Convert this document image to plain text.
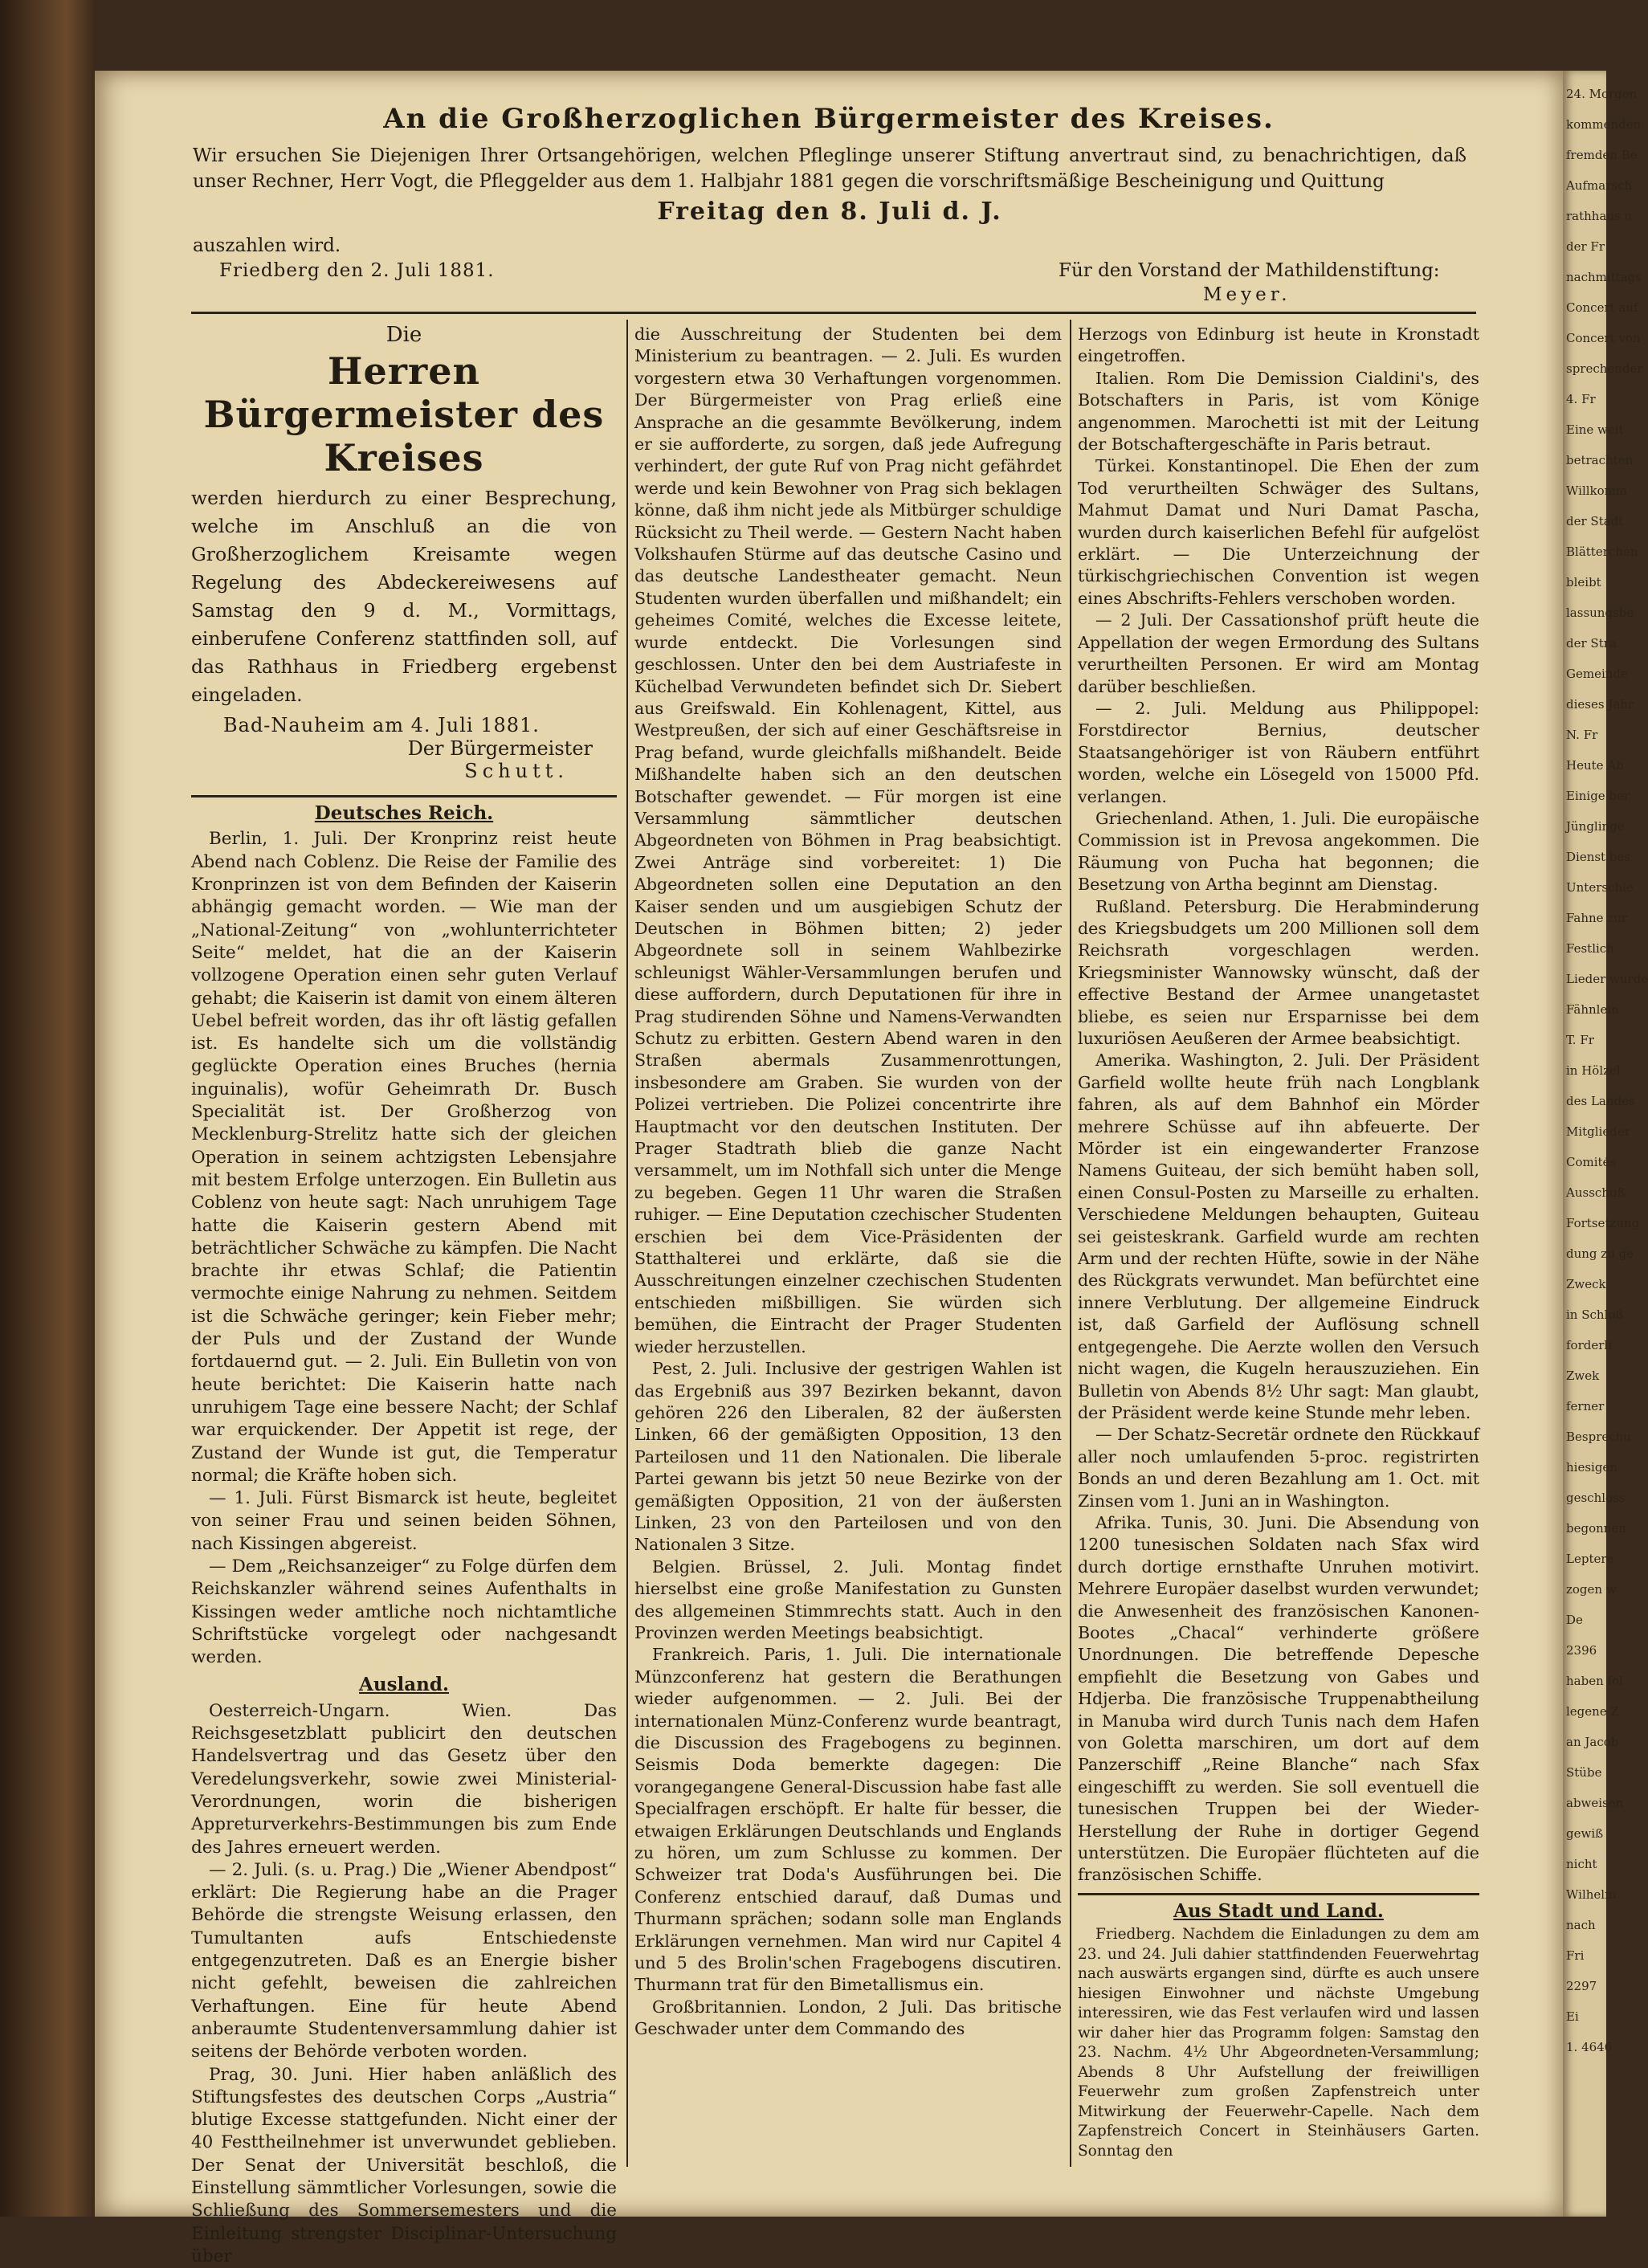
An die Großherzoglichen Bürgermeister des Kreises.
Wir ersuchen Sie Diejenigen Ihrer Ortsangehörigen, welchen Pfleglinge unserer Stiftung anvertraut sind, zu benachrichtigen, daß unser Rechner, Herr Vogt, die Pfleggelder aus dem 1. Halbjahr 1881 gegen die vorschriftsmäßige Bescheinigung und Quittung
Freitag den 8. Juli d. J.
auszahlen wird.
Friedberg den 2. Juli 1881.	Für den Vorstand der Mathildenstiftung:
Meyer.
Die
Herren Bürgermeister des Kreises
werden hierdurch zu einer Besprechung, welche im Anschluß an die von Großherzoglichem Kreisamte wegen Regelung des Abdeckereiwesens auf Samstag den 9 d. M., Vormittags, einberufene Conferenz stattfinden soll, auf das Rathhaus in Friedberg ergebenst eingeladen.
Bad-Nauheim am 4. Juli 1881.
Der Bürgermeister
Schutt.
Deutsches Reich.

Berlin, 1. Juli. Der Kronprinz reist heute Abend nach Coblenz. Die Reise der Familie des Kronprinzen ist von dem Befinden der Kaiserin abhängig gemacht worden. — Wie man der „National-Zeitung“ von „wohlunterrichteter Seite“ meldet, hat die an der Kaiserin vollzogene Operation einen sehr guten Verlauf gehabt; die Kaiserin ist damit von einem älteren Uebel befreit worden, das ihr oft lästig gefallen ist. Es handelte sich um die vollständig geglückte Operation eines Bruches (hernia inguinalis), wofür Geheimrath Dr. Busch Specialität ist. Der Großherzog von Mecklenburg-Strelitz hatte sich der gleichen Operation in seinem achtzigsten Lebensjahre mit bestem Erfolge unterzogen. Ein Bulletin aus Coblenz von heute sagt: Nach unruhigem Tage hatte die Kaiserin gestern Abend mit beträchtlicher Schwäche zu kämpfen. Die Nacht brachte ihr etwas Schlaf; die Patientin vermochte einige Nahrung zu nehmen. Seitdem ist die Schwäche geringer; kein Fieber mehr; der Puls und der Zustand der Wunde fortdauernd gut. — 2. Juli. Ein Bulletin von von heute berichtet: Die Kaiserin hatte nach unruhigem Tage eine bessere Nacht; der Schlaf war erquickender. Der Appetit ist rege, der Zustand der Wunde ist gut, die Temperatur normal; die Kräfte hoben sich.

— 1. Juli. Fürst Bismarck ist heute, begleitet von seiner Frau und seinen beiden Söhnen, nach Kissingen abgereist.

— Dem „Reichsanzeiger“ zu Folge dürfen dem Reichskanzler während seines Aufenthalts in Kissingen weder amtliche noch nichtamtliche Schriftstücke vorgelegt oder nachgesandt werden.

Ausland.

Oesterreich-Ungarn. Wien. Das Reichsgesetzblatt publicirt den deutschen Handelsvertrag und das Gesetz über den Veredelungsverkehr, sowie zwei Ministerial-Verordnungen, worin die bisherigen Appreturverkehrs-Bestimmungen bis zum Ende des Jahres erneuert werden.

— 2. Juli. (s. u. Prag.) Die „Wiener Abendpost“ erklärt: Die Regierung habe an die Prager Behörde die strengste Weisung erlassen, den Tumultanten aufs Entschiedenste entgegenzutreten. Daß es an Energie bisher nicht gefehlt, beweisen die zahlreichen Verhaftungen. Eine für heute Abend anberaumte Studentenversammlung dahier ist seitens der Behörde verboten worden.

Prag, 30. Juni. Hier haben anläßlich des Stiftungsfestes des deutschen Corps „Austria“ blutige Excesse stattgefunden. Nicht einer der 40 Festtheilnehmer ist unverwundet geblieben. Der Senat der Universität beschloß, die Einstellung sämmtlicher Vorlesungen, sowie die Schließung des Sommersemesters und die Einleitung strengster Disciplinar-Untersuchung über

die Ausschreitung der Studenten bei dem Ministerium zu beantragen. — 2. Juli. Es wurden vorgestern etwa 30 Verhaftungen vorgenommen. Der Bürgermeister von Prag erließ eine Ansprache an die gesammte Bevölkerung, indem er sie aufforderte, zu sorgen, daß jede Aufregung verhindert, der gute Ruf von Prag nicht gefährdet werde und kein Bewohner von Prag sich beklagen könne, daß ihm nicht jede als Mitbürger schuldige Rücksicht zu Theil werde. — Gestern Nacht haben Volkshaufen Stürme auf das deutsche Casino und das deutsche Landestheater gemacht. Neun Studenten wurden überfallen und mißhandelt; ein geheimes Comité, welches die Excesse leitete, wurde entdeckt. Die Vorlesungen sind geschlossen. Unter den bei dem Austriafeste in Küchelbad Verwundeten befindet sich Dr. Siebert aus Greifswald. Ein Kohlenagent, Kittel, aus Westpreußen, der sich auf einer Geschäftsreise in Prag befand, wurde gleichfalls mißhandelt. Beide Mißhandelte haben sich an den deutschen Botschafter gewendet. — Für morgen ist eine Versammlung sämmtlicher deutschen Abgeordneten von Böhmen in Prag beabsichtigt. Zwei Anträge sind vorbereitet: 1) Die Abgeordneten sollen eine Deputation an den Kaiser senden und um ausgiebigen Schutz der Deutschen in Böhmen bitten; 2) jeder Abgeordnete soll in seinem Wahlbezirke schleunigst Wähler-Versammlungen berufen und diese auffordern, durch Deputationen für ihre in Prag studirenden Söhne und Namens-Verwandten Schutz zu erbitten. Gestern Abend waren in den Straßen abermals Zusammenrottungen, insbesondere am Graben. Sie wurden von der Polizei vertrieben. Die Polizei concentrirte ihre Hauptmacht vor den deutschen Instituten. Der Prager Stadtrath blieb die ganze Nacht versammelt, um im Nothfall sich unter die Menge zu begeben. Gegen 11 Uhr waren die Straßen ruhiger. — Eine Deputation czechischer Studenten erschien bei dem Vice-Präsidenten der Statthalterei und erklärte, daß sie die Ausschreitungen einzelner czechischen Studenten entschieden mißbilligen. Sie würden sich bemühen, die Eintracht der Prager Studenten wieder herzustellen.

Pest, 2. Juli. Inclusive der gestrigen Wahlen ist das Ergebniß aus 397 Bezirken bekannt, davon gehören 226 den Liberalen, 82 der äußersten Linken, 66 der gemäßigten Opposition, 13 den Parteilosen und 11 den Nationalen. Die liberale Partei gewann bis jetzt 50 neue Bezirke von der gemäßigten Opposition, 21 von der äußersten Linken, 23 von den Parteilosen und von den Nationalen 3 Sitze.

Belgien. Brüssel, 2. Juli. Montag findet hierselbst eine große Manifestation zu Gunsten des allgemeinen Stimmrechts statt. Auch in den Provinzen werden Meetings beabsichtigt.

Frankreich. Paris, 1. Juli. Die internationale Münzconferenz hat gestern die Berathungen wieder aufgenommen. — 2. Juli. Bei der internationalen Münz-Conferenz wurde beantragt, die Discussion des Fragebogens zu beginnen. Seismis Doda bemerkte dagegen: Die vorangegangene General-Discussion habe fast alle Specialfragen erschöpft. Er halte für besser, die etwaigen Erklärungen Deutschlands und Englands zu hören, um zum Schlusse zu kommen. Der Schweizer trat Doda's Ausführungen bei. Die Conferenz entschied darauf, daß Dumas und Thurmann sprächen; sodann solle man Englands Erklärungen vernehmen. Man wird nur Capitel 4 und 5 des Brolin'schen Fragebogens discutiren. Thurmann trat für den Bimetallismus ein.

Großbritannien. London, 2 Juli. Das britische Geschwader unter dem Commando des

Herzogs von Edinburg ist heute in Kronstadt eingetroffen.

Italien. Rom Die Demission Cialdini's, des Botschafters in Paris, ist vom Könige angenommen. Marochetti ist mit der Leitung der Botschaftergeschäfte in Paris betraut.

Türkei. Konstantinopel. Die Ehen der zum Tod verurtheilten Schwäger des Sultans, Mahmut Damat und Nuri Damat Pascha, wurden durch kaiserlichen Befehl für aufgelöst erklärt. — Die Unterzeichnung der türkischgriechischen Convention ist wegen eines Abschrifts-Fehlers verschoben worden.

— 2 Juli. Der Cassationshof prüft heute die Appellation der wegen Ermordung des Sultans verurtheilten Personen. Er wird am Montag darüber beschließen.

— 2. Juli. Meldung aus Philippopel: Forstdirector Bernius, deutscher Staatsangehöriger ist von Räubern entführt worden, welche ein Lösegeld von 15000 Pfd. verlangen.

Griechenland. Athen, 1. Juli. Die europäische Commission ist in Prevosa angekommen. Die Räumung von Pucha hat begonnen; die Besetzung von Artha beginnt am Dienstag.

Rußland. Petersburg. Die Herabminderung des Kriegsbudgets um 200 Millionen soll dem Reichsrath vorgeschlagen werden. Kriegsminister Wannowsky wünscht, daß der effective Bestand der Armee unangetastet bliebe, es seien nur Ersparnisse bei dem luxuriösen Aeußeren der Armee beabsichtigt.

Amerika. Washington, 2. Juli. Der Präsident Garfield wollte heute früh nach Longblank fahren, als auf dem Bahnhof ein Mörder mehrere Schüsse auf ihn abfeuerte. Der Mörder ist ein eingewanderter Franzose Namens Guiteau, der sich bemüht haben soll, einen Consul-Posten zu Marseille zu erhalten. Verschiedene Meldungen behaupten, Guiteau sei geisteskrank. Garfield wurde am rechten Arm und der rechten Hüfte, sowie in der Nähe des Rückgrats verwundet. Man befürchtet eine innere Verblutung. Der allgemeine Eindruck ist, daß Garfield der Auflösung schnell entgegengehe. Die Aerzte wollen den Versuch nicht wagen, die Kugeln herauszuziehen. Ein Bulletin von Abends 8½ Uhr sagt: Man glaubt, der Präsident werde keine Stunde mehr leben.

— Der Schatz-Secretär ordnete den Rückkauf aller noch umlaufenden 5-proc. registrirten Bonds an und deren Bezahlung am 1. Oct. mit Zinsen vom 1. Juni an in Washington.

Afrika. Tunis, 30. Juni. Die Absendung von 1200 tunesischen Soldaten nach Sfax wird durch dortige ernsthafte Unruhen motivirt. Mehrere Europäer daselbst wurden verwundet; die Anwesenheit des französischen Kanonen-Bootes „Chacal“ verhinderte größere Unordnungen. Die betreffende Depesche empfiehlt die Besetzung von Gabes und Hdjerba. Die französische Truppenabtheilung in Manuba wird durch Tunis nach dem Hafen von Goletta marschiren, um dort auf dem Panzerschiff „Reine Blanche“ nach Sfax eingeschifft zu werden. Sie soll eventuell die tunesischen Truppen bei der Wieder-Herstellung der Ruhe in dortiger Gegend unterstützen. Die Europäer flüchteten auf die französischen Schiffe.

Aus Stadt und Land.

Friedberg. Nachdem die Einladungen zu dem am 23. und 24. Juli dahier stattfindenden Feuerwehrtag nach auswärts ergangen sind, dürfte es auch unsere hiesigen Einwohner und nächste Umgebung interessiren, wie das Fest verlaufen wird und lassen wir daher hier das Programm folgen: Samstag den 23. Nachm. 4½ Uhr Abgeordneten-Versammlung; Abends 8 Uhr Aufstellung der freiwilligen Feuerwehr zum großen Zapfenstreich unter Mitwirkung der Feuerwehr-Capelle. Nach dem Zapfenstreich Concert in Steinhäusers Garten. Sonntag den

24. Morgen
kommenden
fremden Be
Aufmarsch
rathhaus u
der Fr
nachmittags
Concert auf
Concert von
sprechender
4. Fr
Eine weit
betrachten
Willkomm
der Stadt
Blätterchen
bleibt
lassungsbe
der Stra
Gemeinde
dieses Jahr
N. Fr
Heute Ab
Einige ber
Jünglinge
Dienst bes
Unterschie
Fahne zur
Festlich
Lieder wurde
Fähnlein
T. Fr
in Hölzel
des Landes
Mitglieder
Comités
Ausschuß
Fortsetzung
dung zu ge
Zweck
in Schloß
forderli
Zwek
ferner
Besprechu
hiesigen
geschloss
begonnen
Leptere
zogen w
De
2396
haben fol
legene Z
an Jacob
Stübe
abweisen
gewiß
nicht
Wilhelm
nach
Fri
2297
Ei
1. 4646
